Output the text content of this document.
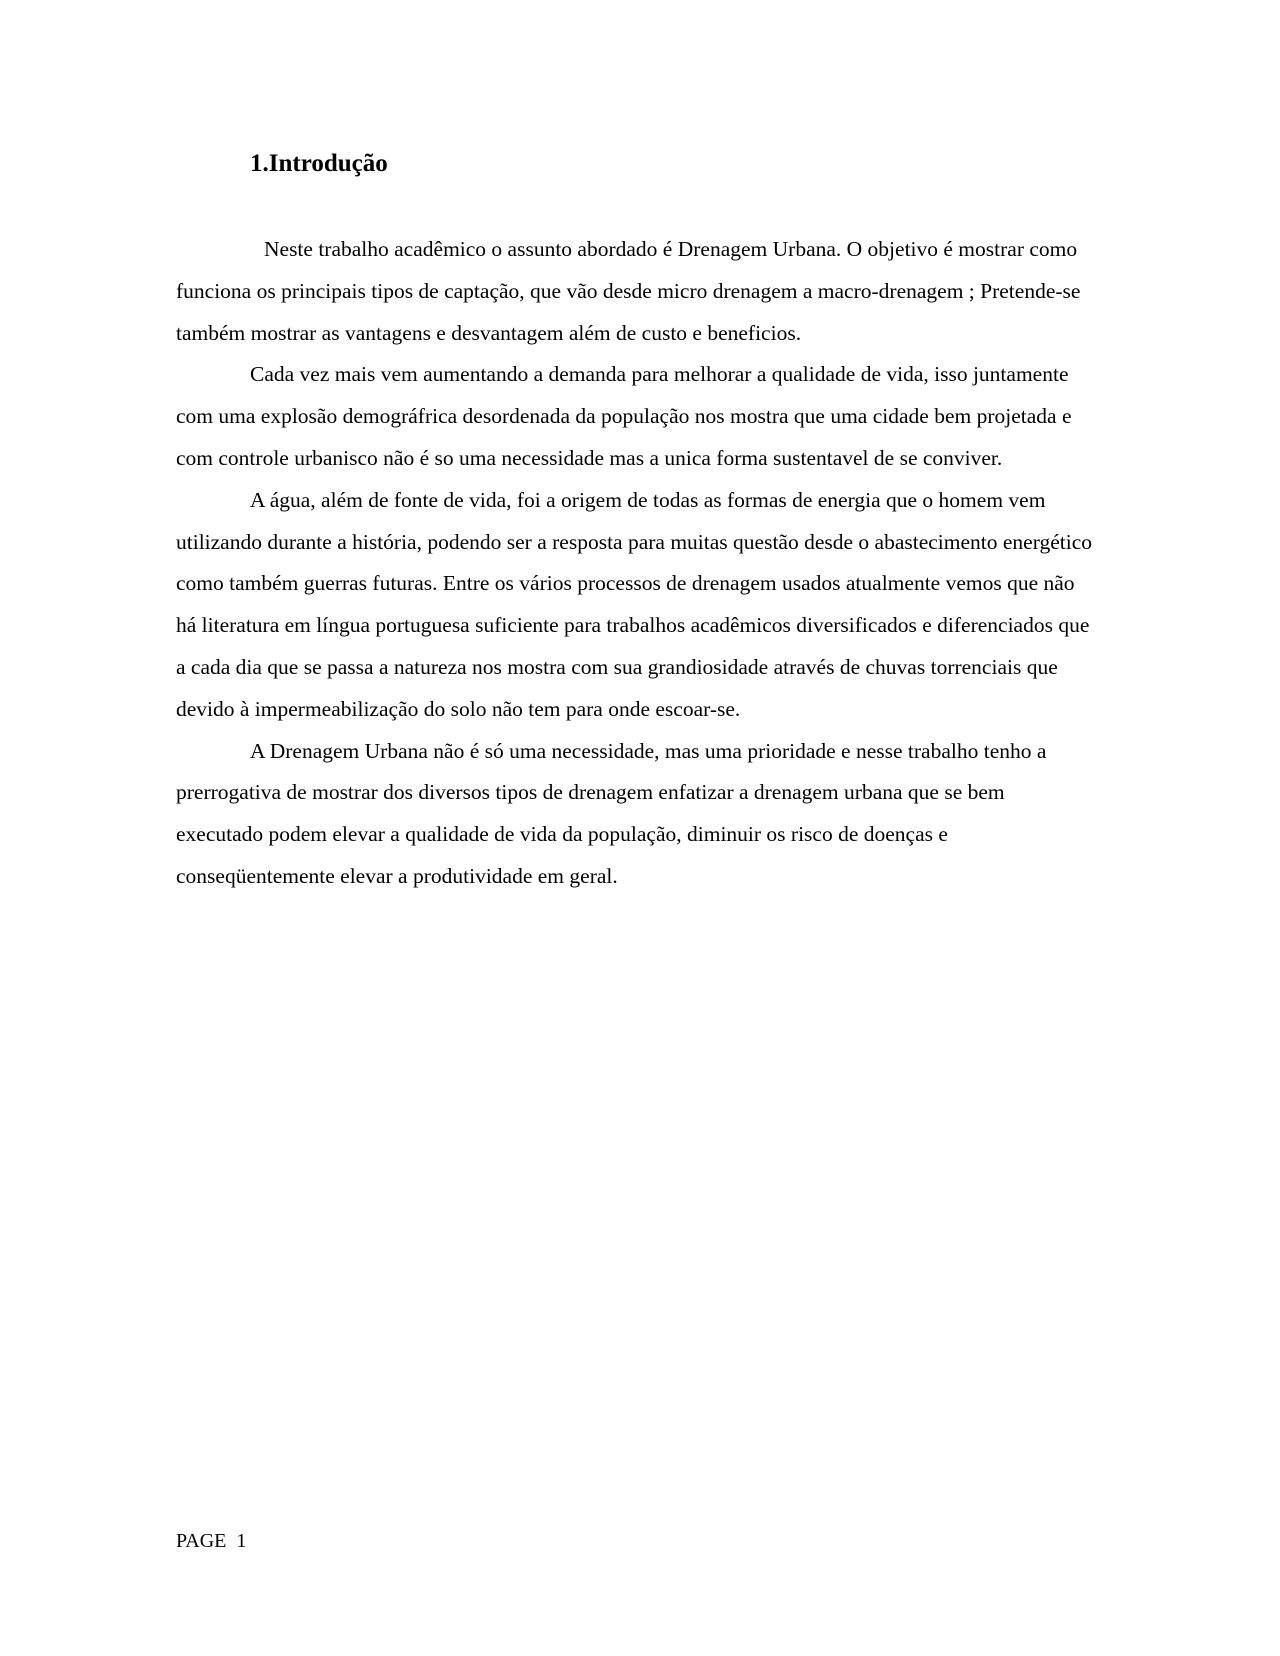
1.Introdução

Neste trabalho acadêmico o assunto abordado é Drenagem Urbana. O objetivo é mostrar como funciona os principais tipos de captação, que vão desde micro drenagem a macro-drenagem ; Pretende-se também mostrar as vantagens e desvantagem além de custo e beneficios.

Cada vez mais vem aumentando a demanda para melhorar a qualidade de vida, isso juntamente com uma explosão demográfrica desordenada da população nos mostra que uma cidade bem projetada e com controle urbanisco não é so uma necessidade mas a unica forma sustentavel de se conviver.

A água, além de fonte de vida, foi a origem de todas as formas de energia que o homem vem utilizando durante a história, podendo ser a resposta para muitas questão desde o abastecimento energético como também guerras futuras. Entre os vários processos de drenagem usados atualmente vemos que não há literatura em língua portuguesa suficiente para trabalhos acadêmicos diversificados e diferenciados que a cada dia que se passa a natureza nos mostra com sua grandiosidade através de chuvas torrenciais que devido à impermeabilização do solo não tem para onde escoar-se.

A Drenagem Urbana não é só uma necessidade, mas uma prioridade e nesse trabalho tenho a prerrogativa de mostrar dos diversos tipos de drenagem enfatizar a drenagem urbana que se bem executado podem elevar a qualidade de vida da população, diminuir os risco de doenças e conseqüentemente elevar a produtividade em geral.

PAGE  1
